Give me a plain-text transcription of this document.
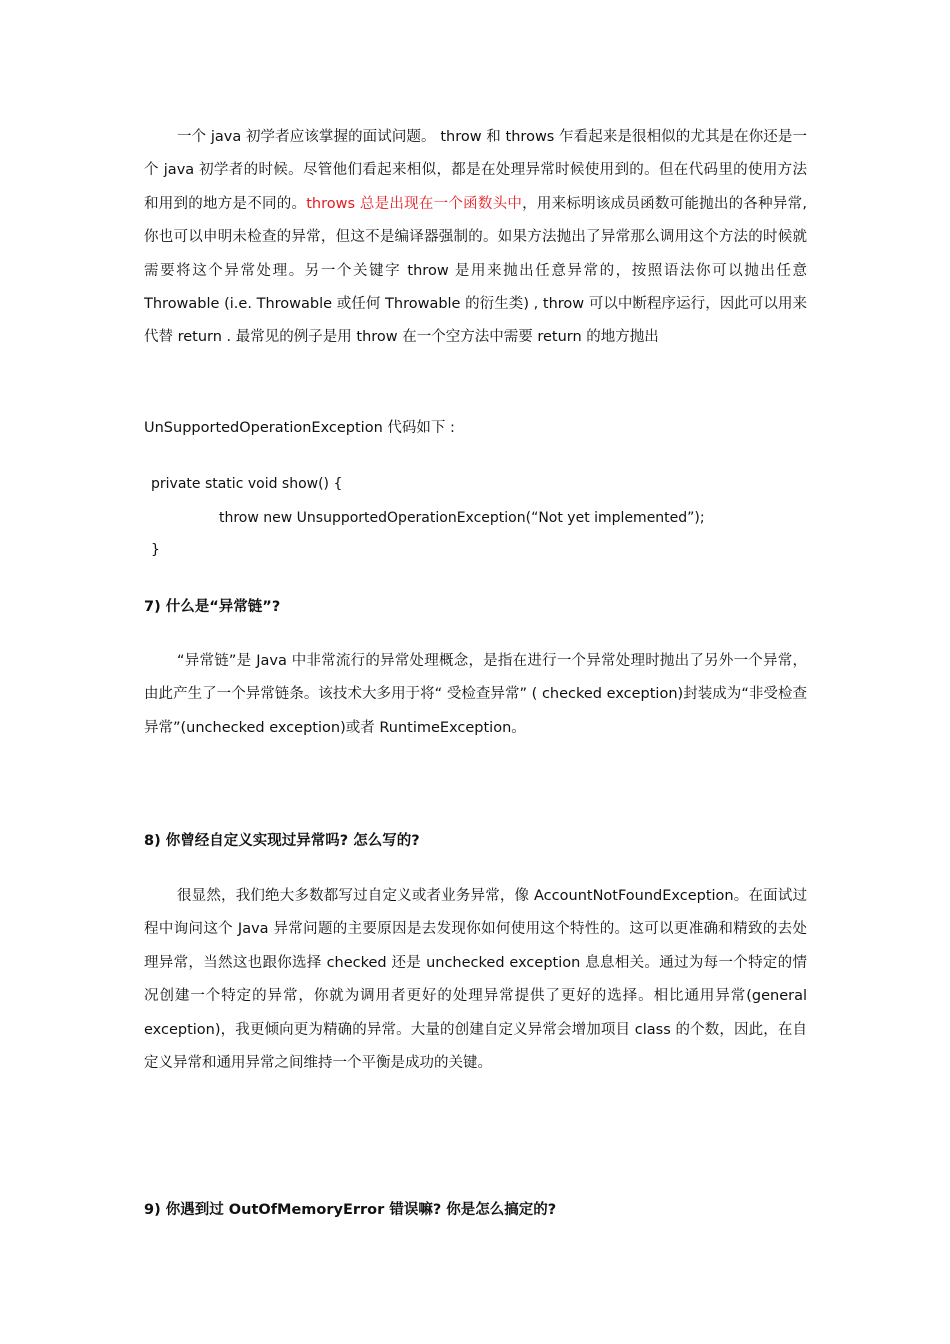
一个 java 初学者应该掌握的面试问题。 throw 和 throws 乍看起来是很相似的尤其是在你还是一个 java 初学者的时候。尽管他们看起来相似，都是在处理异常时候使用到的。但在代码里的使用方法和用到的地方是不同的。throws 总是出现在一个函数头中，用来标明该成员函数可能抛出的各种异常, 你也可以申明未检查的异常，但这不是编译器强制的。如果方法抛出了异常那么调用这个方法的时候就需要将这个异常处理。另一个关键字 throw 是用来抛出任意异常的，按照语法你可以抛出任意 Throwable (i.e. Throwable 或任何 Throwable 的衍生类) , throw 可以中断程序运行，因此可以用来代替 return . 最常见的例子是用 throw 在一个空方法中需要 return 的地方抛出

UnSupportedOperationException 代码如下 :

private static void show() {
throw new UnsupportedOperationException(“Not yet implemented”);
}
7) 什么是“异常链”?

“异常链”是 Java 中非常流行的异常处理概念，是指在进行一个异常处理时抛出了另外一个异常，由此产生了一个异常链条。该技术大多用于将“ 受检查异常” ( checked exception)封装成为“非受检查异常”(unchecked exception)或者 RuntimeException。

8) 你曾经自定义实现过异常吗? 怎么写的?

很显然，我们绝大多数都写过自定义或者业务异常，像 AccountNotFoundException。在面试过程中询问这个 Java 异常问题的主要原因是去发现你如何使用这个特性的。这可以更准确和精致的去处理异常，当然这也跟你选择 checked 还是 unchecked exception 息息相关。通过为每一个特定的情况创建一个特定的异常，你就为调用者更好的处理异常提供了更好的选择。相比通用异常(general exception)，我更倾向更为精确的异常。大量的创建自定义异常会增加项目 class 的个数，因此，在自定义异常和通用异常之间维持一个平衡是成功的关键。

9) 你遇到过 OutOfMemoryError 错误嘛? 你是怎么搞定的?
